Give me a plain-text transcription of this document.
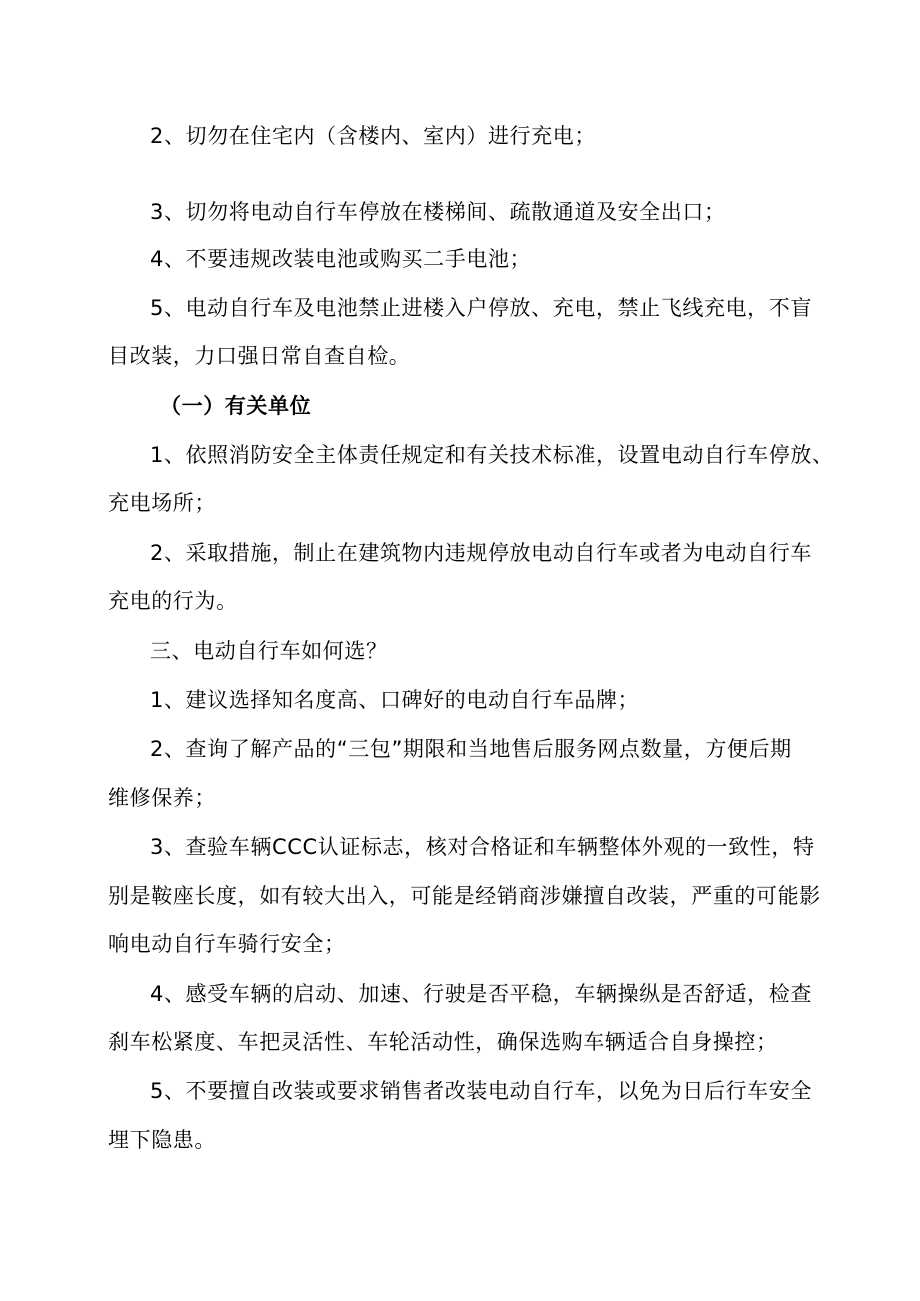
2、切勿在住宅内（含楼内、室内）进行充电；
3、切勿将电动自行车停放在楼梯间、疏散通道及安全出口；
4、不要违规改装电池或购买二手电池；
5、电动自行车及电池禁止进楼入户停放、充电，禁止飞线充电，不盲
目改装，力口强日常自查自检。
（一）有关单位
1、依照消防安全主体责任规定和有关技术标准，设置电动自行车停放、
充电场所；
2、采取措施，制止在建筑物内违规停放电动自行车或者为电动自行车
充电的行为。
三、电动自行车如何选？
1、建议选择知名度高、口碑好的电动自行车品牌；
2、查询了解产品的“三包”期限和当地售后服务网点数量，方便后期
维修保养；
3、查验车辆CCC认证标志，核对合格证和车辆整体外观的一致性，特
别是鞍座长度，如有较大出入，可能是经销商涉嫌擅自改装，严重的可能影
响电动自行车骑行安全；
4、感受车辆的启动、加速、行驶是否平稳，车辆操纵是否舒适，检查
刹车松紧度、车把灵活性、车轮活动性，确保选购车辆适合自身操控；
5、不要擅自改装或要求销售者改装电动自行车，以免为日后行车安全
埋下隐患。
